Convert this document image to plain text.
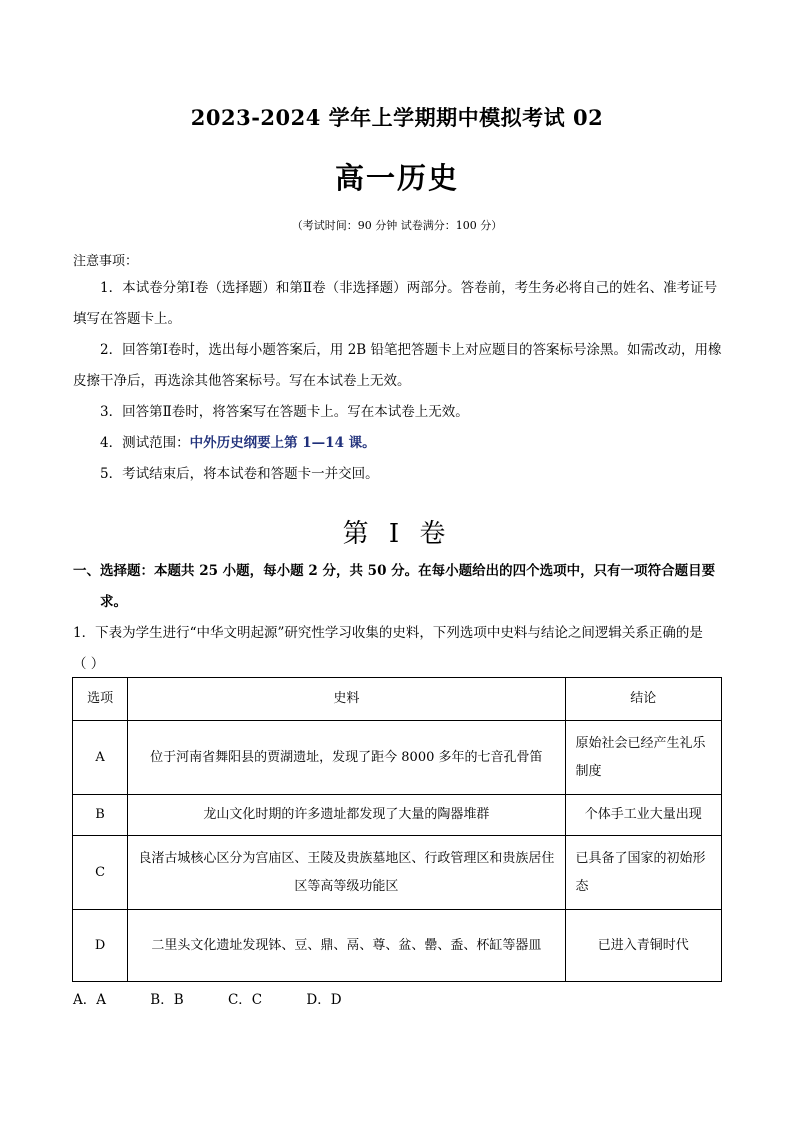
2023-2024 学年上学期期中模拟考试 02
高一历史
（考试时间：90 分钟 试卷满分：100 分）
注意事项：
1．本试卷分第Ⅰ卷（选择题）和第Ⅱ卷（非选择题）两部分。答卷前，考生务必将自己的姓名、准考证号填写在答题卡上。
2．回答第Ⅰ卷时，选出每小题答案后，用 2B 铅笔把答题卡上对应题目的答案标号涂黑。如需改动，用橡皮擦干净后，再选涂其他答案标号。写在本试卷上无效。
3．回答第Ⅱ卷时，将答案写在答题卡上。写在本试卷上无效。
4．测试范围：中外历史纲要上第 1—14 课。
5．考试结束后，将本试卷和答题卡一并交回。
第 I 卷
一、选择题：本题共 25 小题，每小题 2 分，共 50 分。在每小题给出的四个选项中，只有一项符合题目要
求。
1．下表为学生进行“中华文明起源”研究性学习收集的史料，下列选项中史料与结论之间逻辑关系正确的是
（ ）
选项	史料	结论
A	位于河南省舞阳县的贾湖遗址，发现了距今 8000 多年的七音孔骨笛	原始社会已经产生礼乐制度
B	龙山文化时期的许多遗址都发现了大量的陶器堆群	个体手工业大量出现
C	良渚古城核心区分为宫庙区、王陵及贵族墓地区、行政管理区和贵族居住区等高等级功能区	已具备了国家的初始形态
D	二里头文化遗址发现钵、豆、鼎、鬲、尊、盆、罍、盉、杯缸等器皿	已进入青铜时代
A．A	B．B	C．C	D．D
